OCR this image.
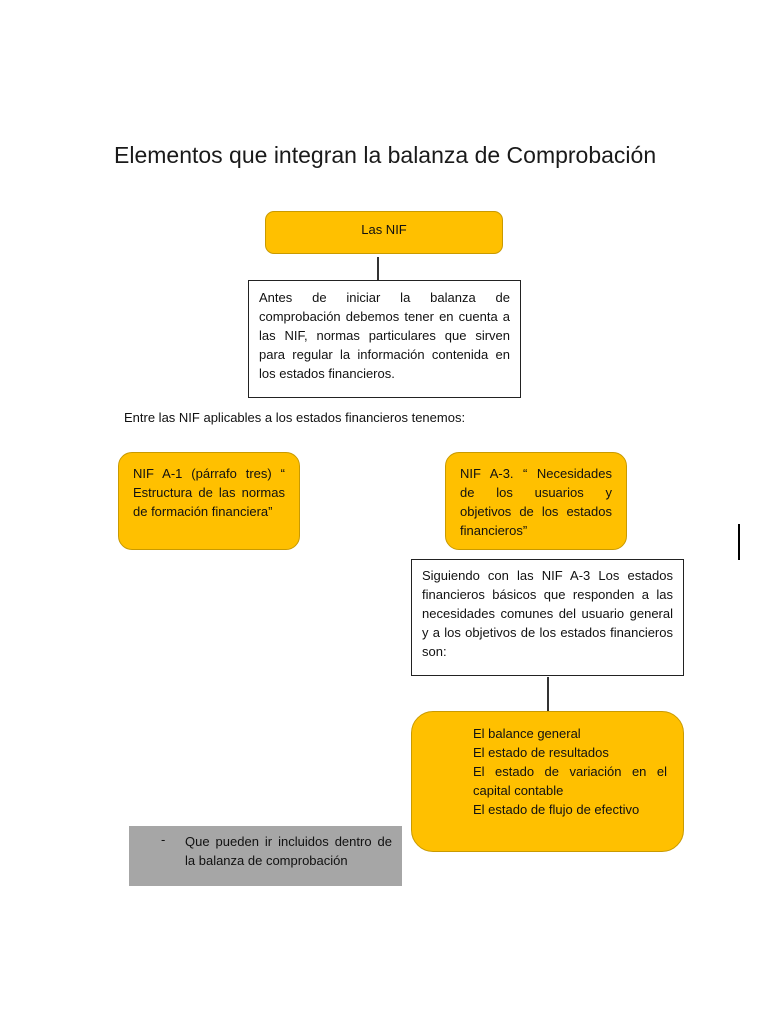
Elementos que integran la balanza de Comprobación
Las NIF
Antes de iniciar la balanza de comprobación debemos tener en cuenta a las NIF, normas particulares que sirven para regular la información contenida en los estados financieros.
Entre las NIF aplicables a los estados financieros tenemos:
NIF A-1 (párrafo tres) “ Estructura de las normas de formación financiera”
NIF A-3. “ Necesidades de los usuarios y objetivos de los estados financieros”
Siguiendo con las NIF A-3 Los estados financieros básicos que responden a las necesidades comunes del usuario general y a los objetivos de los estados financieros son:
El balance general
El estado de resultados
El estado de variación en el capital contable
El estado de flujo de efectivo
- Que pueden ir incluidos dentro de la balanza de comprobación
